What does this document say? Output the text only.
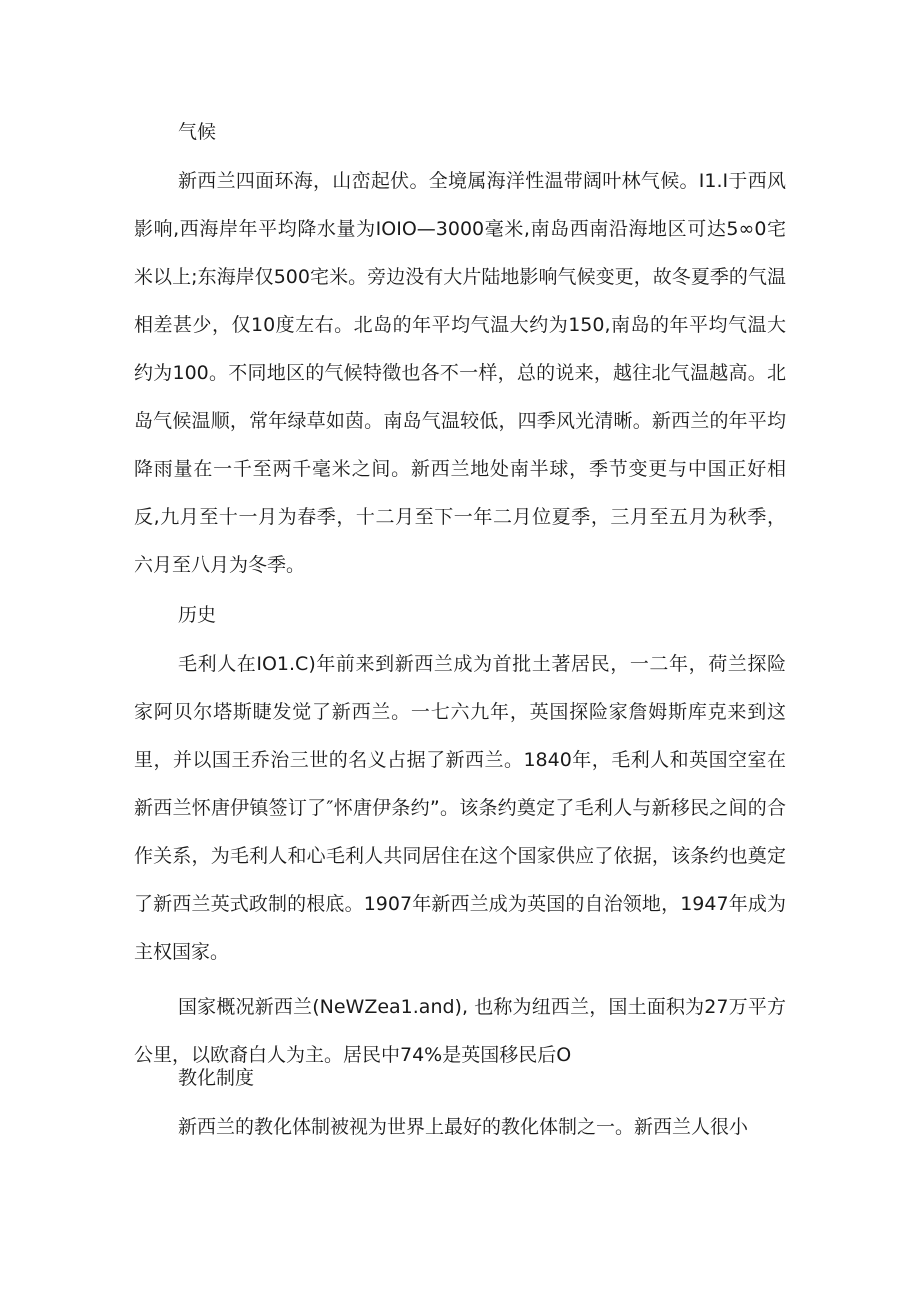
气候

新西兰四面环海，山峦起伏。全境属海洋性温带阔叶林气候。I1.I于西风影响,西海岸年平均降水量为IOIO—3000毫米,南岛西南沿海地区可达5∞0宅米以上;东海岸仅500宅米。旁边没有大片陆地影响气候变更，故冬夏季的气温相差甚少，仅10度左右。北岛的年平均气温大约为150,南岛的年平均气温大约为100。不同地区的气候特徵也各不一样，总的说来，越往北气温越高。北岛气候温顺，常年绿草如茵。南岛气温较低，四季风光清晰。新西兰的年平均降雨量在一千至两千毫米之间。新西兰地处南半球，季节变更与中国正好相反,九月至十一月为春季，十二月至下一年二月位夏季，三月至五月为秋季，六月至八月为冬季。

历史

毛利人在IO1.C)年前来到新西兰成为首批土著居民，一二年，荷兰探险家阿贝尔塔斯睫发觉了新西兰。一七六九年，英国探险家詹姆斯库克来到这里，并以国王乔治三世的名义占据了新西兰。1840年，毛利人和英国空室在新西兰怀唐伊镇签订了″怀唐伊条约”。该条约奠定了毛利人与新移民之间的合作关系，为毛利人和心毛利人共同居住在这个国家供应了依据，该条约也奠定了新西兰英式政制的根底。1907年新西兰成为英国的自治领地，1947年成为主权国家。

国家概况新西兰(NeWZea1.and), 也称为纽西兰，国土面积为27万平方公里，以欧裔白人为主。居民中74%是英国移民后O

教化制度

新西兰的教化体制被视为世界上最好的教化体制之一。新西兰人很小
